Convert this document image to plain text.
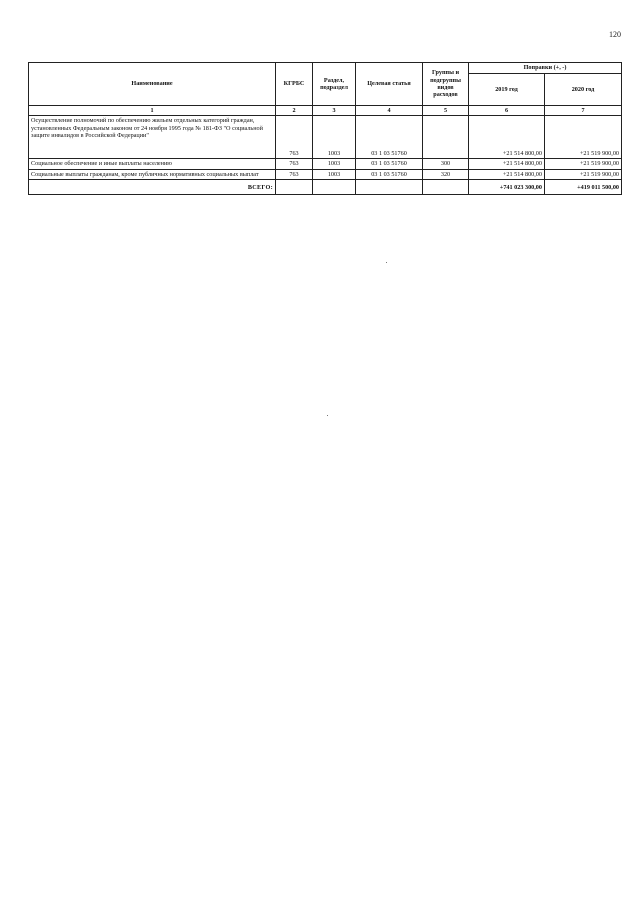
120
Наименование	КГРБС	Раздел, подраздел	Целевая статья	Группы и подгруппы видов расходов	Поправки (+, -)	
					2019 год	2020 год
1	2	3	4	5	6	7
Осуществление полномочий по обеспечению жильем отдельных категорий граждан, установленных Федеральным законом от 24 ноября 1995 года № 181-ФЗ "О социальной защите инвалидов в Российской Федерации"	763	1003	03 1 03 51760		+21 514 800,00	+21 519 900,00
Социальное обеспечение и иные выплаты населению	763	1003	03 1 03 51760	300	+21 514 800,00	+21 519 900,00
Социальные выплаты гражданам, кроме публичных нормативных социальных выплат	763	1003	03 1 03 51760	320	+21 514 800,00	+21 519 900,00
ВСЕГО:					+741 023 300,00	+419 011 500,00
